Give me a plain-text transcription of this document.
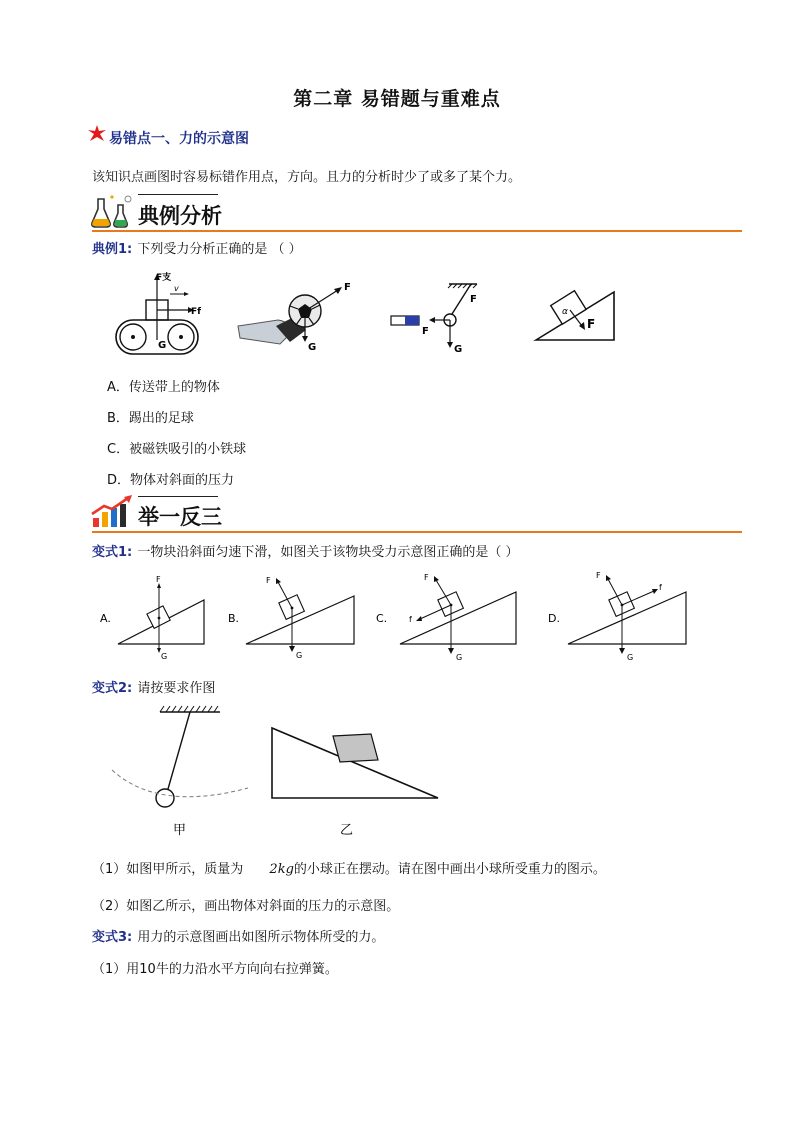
第二章 易错题与重难点
易错点一、力的示意图
该知识点画图时容易标错作用点，方向。且力的分析时少了或多了某个力。
典例分析
典例1: 下列受力分析正确的是 （ ）
F支
v
Ff
G
F
G
F
F
G
α
F
A．传送带上的物体
B．踢出的足球
C．被磁铁吸引的小铁球
D．物体对斜面的压力
举一反三
变式1: 一物块沿斜面匀速下滑，如图关于该物块受力示意图正确的是（ ）
A.
F
G
B.
F
G
C.
F
f
G
D.
F
f
G
变式2: 请按要求作图
甲	乙
（1）如图甲所示，质量为 2kg的小球正在摆动。请在图中画出小球所受重力的图示。
（2）如图乙所示，画出物体对斜面的压力的示意图。
变式3: 用力的示意图画出如图所示物体所受的力。
（1）用10牛的力沿水平方向向右拉弹簧。
